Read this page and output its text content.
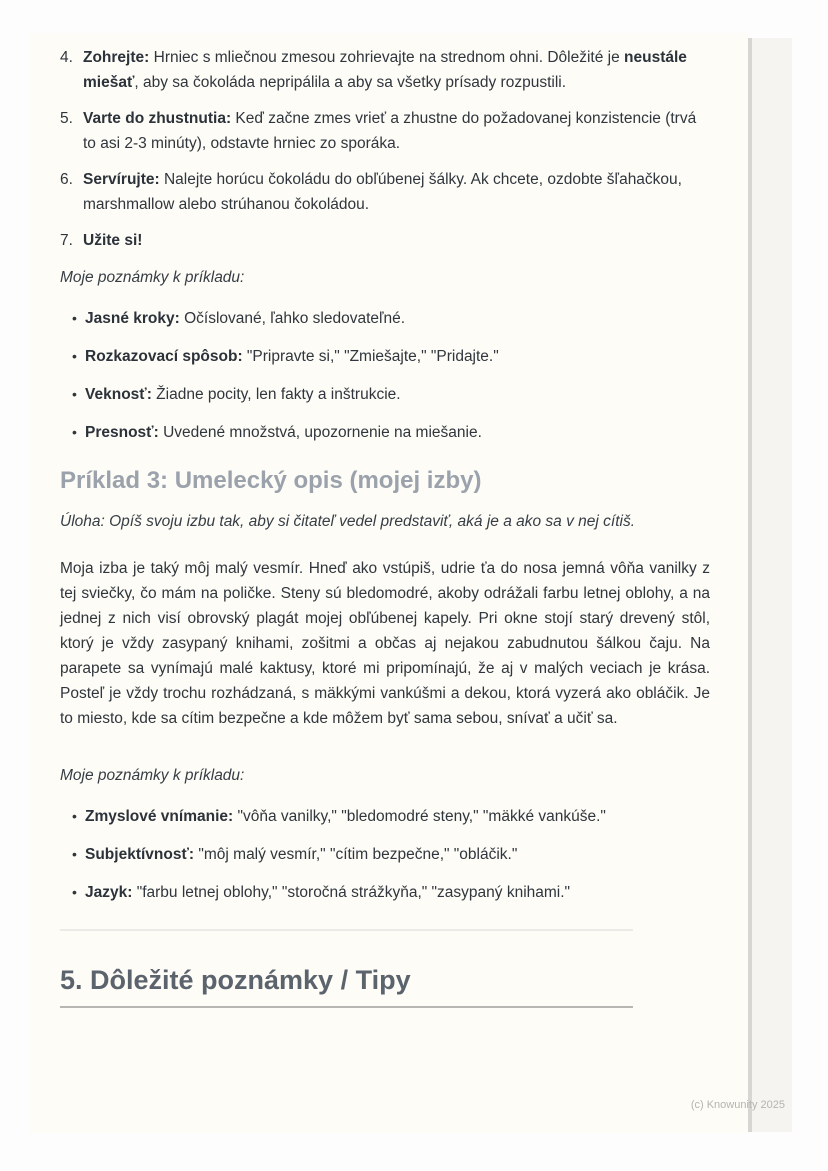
4. Zohrejte: Hrniec s mliečnou zmesou zohrievajte na strednom ohni. Dôležité je neustále miešať, aby sa čokoláda nepripálila a aby sa všetky prísady rozpustili.
5. Varte do zhustnutia: Keď začne zmes vrieť a zhustne do požadovanej konzistencie (trvá to asi 2-3 minúty), odstavte hrniec zo sporáka.
6. Servírujte: Nalejte horúcu čokoládu do obľúbenej šálky. Ak chcete, ozdobte šľahačkou, marshmallow alebo strúhanou čokoládou.
7. Užite si!

Moje poznámky k príkladu:

• Jasné kroky: Očíslované, ľahko sledovateľné.
• Rozkazovací spôsob: "Pripravte si," "Zmiešajte," "Pridajte."
• Veknosť: Žiadne pocity, len fakty a inštrukcie.
• Presnosť: Uvedené množstvá, upozornenie na miešanie.
Príklad 3: Umelecký opis (mojej izby)

Úloha: Opíš svoju izbu tak, aby si čitateľ vedel predstaviť, aká je a ako sa v nej cítiš.

Moja izba je taký môj malý vesmír. Hneď ako vstúpiš, udrie ťa do nosa jemná vôňa vanilky z tej sviečky, čo mám na poličke. Steny sú bledomodré, akoby odrážali farbu letnej oblohy, a na jednej z nich visí obrovský plagát mojej obľúbenej kapely. Pri okne stojí starý drevený stôl, ktorý je vždy zasypaný knihami, zošitmi a občas aj nejakou zabudnutou šálkou čaju. Na parapete sa vynímajú malé kaktusy, ktoré mi pripomínajú, že aj v malých veciach je krása. Posteľ je vždy trochu rozhádzaná, s mäkkými vankúšmi a dekou, ktorá vyzerá ako obláčik. Je to miesto, kde sa cítim bezpečne a kde môžem byť sama sebou, snívať a učiť sa.

Moje poznámky k príkladu:

• Zmyslové vnímanie: "vôňa vanilky," "bledomodré steny," "mäkké vankúše."
• Subjektívnosť: "môj malý vesmír," "cítim bezpečne," "obláčik."
• Jazyk: "farbu letnej oblohy," "storočná strážkyňa," "zasypaný knihami."
5. Dôležité poznámky / Tipy
(c) Knowunity 2025
